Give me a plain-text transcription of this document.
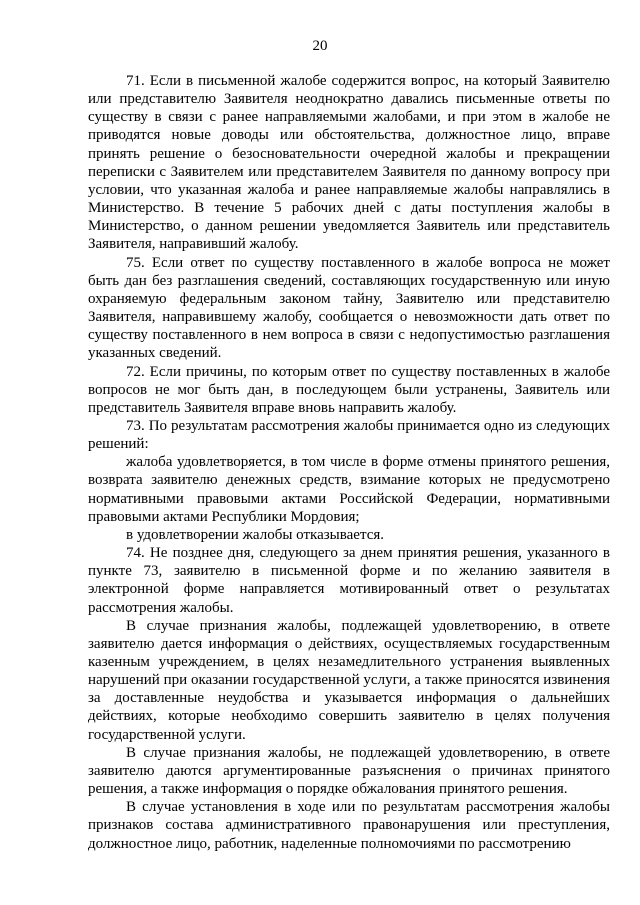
20

71. Если в письменной жалобе содержится вопрос, на который Заявителю или представителю Заявителя неоднократно давались письменные ответы по существу в связи с ранее направляемыми жалобами, и при этом в жалобе не приводятся новые доводы или обстоятельства, должностное лицо, вправе принять решение о безосновательности очередной жалобы и прекращении переписки с Заявителем или представителем Заявителя по данному вопросу при условии, что указанная жалоба и ранее направляемые жалобы направлялись в Министерство. В течение 5 рабочих дней с даты поступления жалобы в Министерство, о данном решении уведомляется Заявитель или представитель Заявителя, направивший жалобу.

75. Если ответ по существу поставленного в жалобе вопроса не может быть дан без разглашения сведений, составляющих государственную или иную охраняемую федеральным законом тайну, Заявителю или представителю Заявителя, направившему жалобу, сообщается о невозможности дать ответ по существу поставленного в нем вопроса в связи с недопустимостью разглашения указанных сведений.

72. Если причины, по которым ответ по существу поставленных в жалобе вопросов не мог быть дан, в последующем были устранены, Заявитель или представитель Заявителя вправе вновь направить жалобу.

73. По результатам рассмотрения жалобы принимается одно из следующих решений:

жалоба удовлетворяется, в том числе в форме отмены принятого решения, возврата заявителю денежных средств, взимание которых не предусмотрено нормативными правовыми актами Российской Федерации, нормативными правовыми актами Республики Мордовия;

в удовлетворении жалобы отказывается.

74. Не позднее дня, следующего за днем принятия решения, указанного в пункте 73, заявителю в письменной форме и по желанию заявителя в электронной форме направляется мотивированный ответ о результатах рассмотрения жалобы.

В случае признания жалобы, подлежащей удовлетворению, в ответе заявителю дается информация о действиях, осуществляемых государственным казенным учреждением, в целях незамедлительного устранения выявленных нарушений при оказании государственной услуги, а также приносятся извинения за доставленные неудобства и указывается информация о дальнейших действиях, которые необходимо совершить заявителю в целях получения государственной услуги.

В случае признания жалобы, не подлежащей удовлетворению, в ответе заявителю даются аргументированные разъяснения о причинах принятого решения, а также информация о порядке обжалования принятого решения.

В случае установления в ходе или по результатам рассмотрения жалобы признаков состава административного правонарушения или преступления, должностное лицо, работник, наделенные полномочиями по рассмотрению
